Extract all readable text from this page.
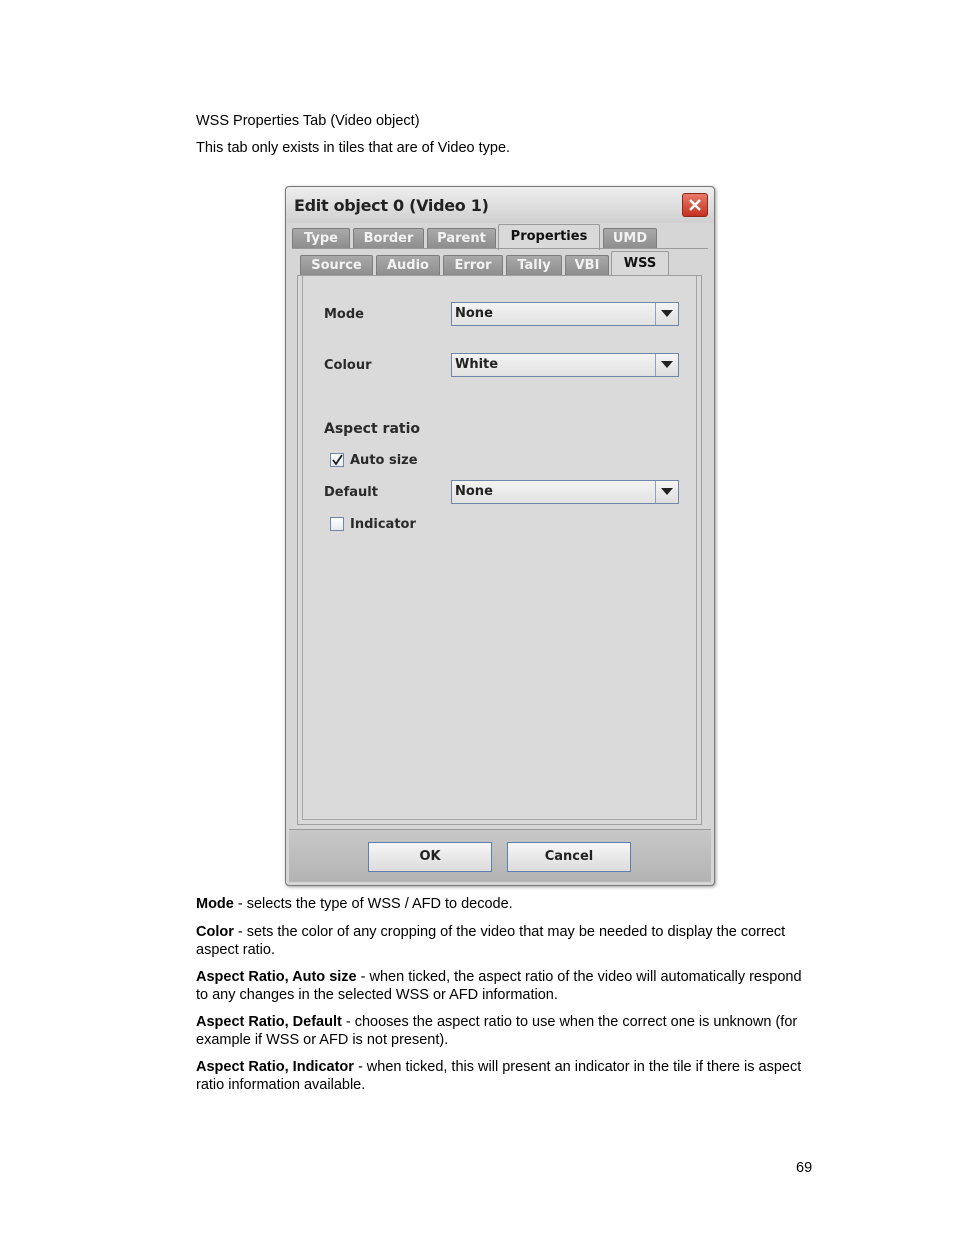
WSS Properties Tab (Video object)
This tab only exists in tiles that are of Video type.
Edit object 0 (Video 1)
Type	Border	Parent	Properties	UMD
Source	Audio	Error	Tally	VBI	WSS
Mode	None
Colour	White
Aspect ratio
Auto size
Default	None
Indicator
OK	Cancel
Mode - selects the type of WSS / AFD to decode.
Color - sets the color of any cropping of the video that may be needed to display the correct aspect ratio.
Aspect Ratio, Auto size - when ticked, the aspect ratio of the video will automatically respond to any changes in the selected WSS or AFD information.
Aspect Ratio, Default - chooses the aspect ratio to use when the correct one is unknown (for example if WSS or AFD is not present).
Aspect Ratio, Indicator - when ticked, this will present an indicator in the tile if there is aspect ratio information available.
69
